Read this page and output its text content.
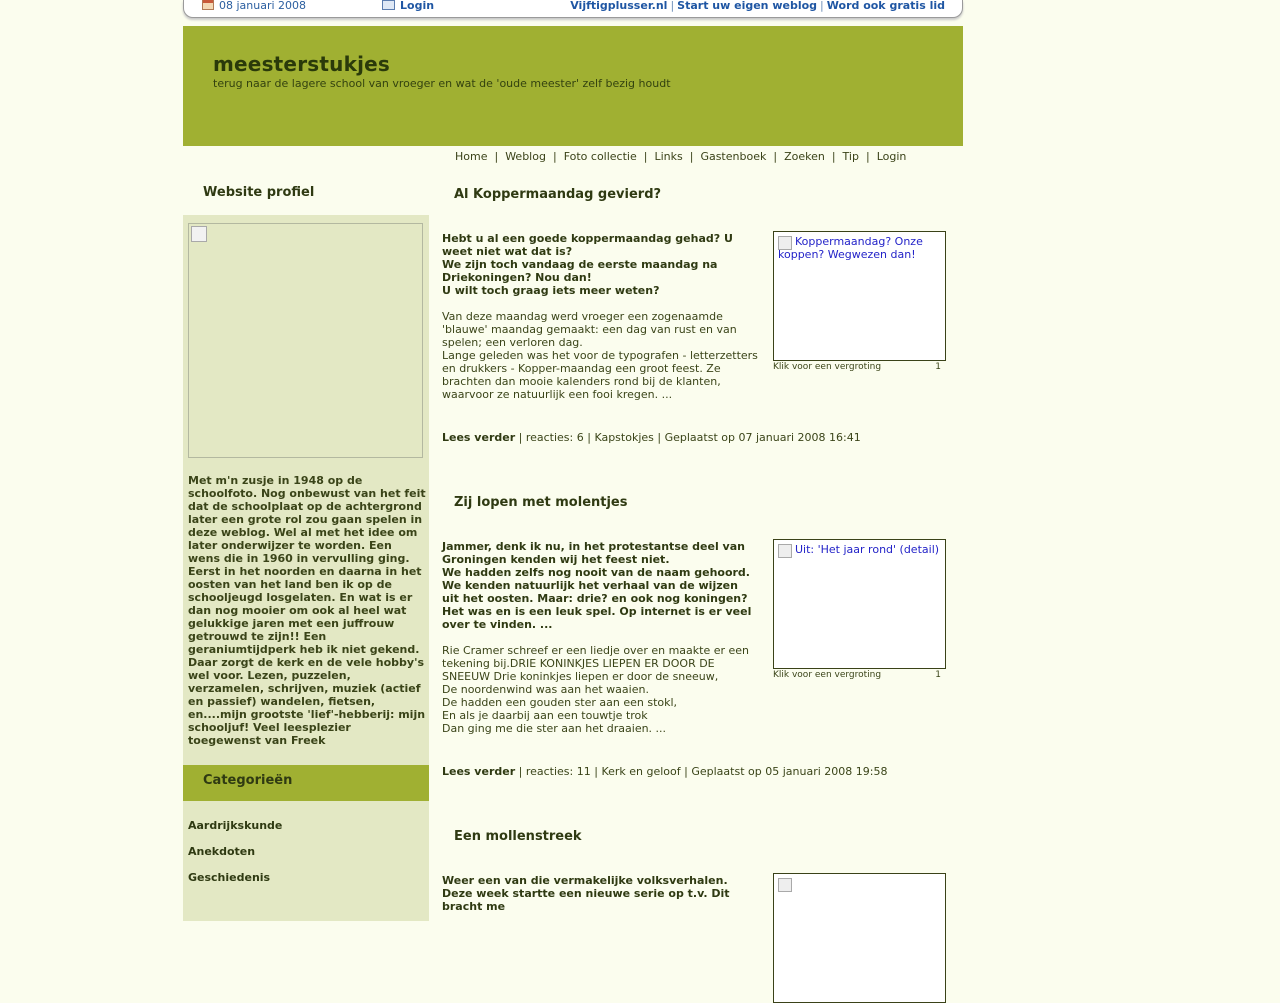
08 januari 2008	Login	Vijftigplusser.nl | Start uw eigen weblog | Word ook gratis lid
meesterstukjes
terug naar de lagere school van vroeger en wat de 'oude meester' zelf bezig houdt
Home | Weblog | Foto collectie | Links | Gastenboek | Zoeken | Tip | Login
Website profiel
Met m'n zusje in 1948 op de schoolfoto. Nog onbewust van het feit dat de schoolplaat op de achtergrond later een grote rol zou gaan spelen in deze weblog. Wel al met het idee om later onderwijzer te worden. Een wens die in 1960 in vervulling ging. Eerst in het noorden en daarna in het oosten van het land ben ik op de schooljeugd losgelaten. En wat is er dan nog mooier om ook al heel wat gelukkige jaren met een juffrouw getrouwd te zijn!! Een geraniumtijdperk heb ik niet gekend. Daar zorgt de kerk en de vele hobby's wel voor. Lezen, puzzelen, verzamelen, schrijven, muziek (actief en passief) wandelen, fietsen, en....mijn grootste 'lief'-hebberij: mijn schooljuf! Veel leesplezier toegewenst van Freek
Categorieën
Aardrijkskunde
Anekdoten
Geschiedenis
Al Koppermaandag gevierd?
Hebt u al een goede koppermaandag gehad? U weet niet wat dat is?
We zijn toch vandaag de eerste maandag na Driekoningen? Nou dan!
U wilt toch graag iets meer weten?
Van deze maandag werd vroeger een zogenaamde 'blauwe' maandag gemaakt: een dag van rust en van spelen; een verloren dag.
Lange geleden was het voor de typografen - letterzetters en drukkers - Kopper-maandag een groot feest. Ze brachten dan mooie kalenders rond bij de klanten, waarvoor ze natuurlijk een fooi kregen. ...
Koppermaandag? Onze koppen? Wegwezen dan!
Klik voor een vergroting	1
Lees verder | reacties: 6 | Kapstokjes | Geplaatst op 07 januari 2008 16:41
Zij lopen met molentjes
Jammer, denk ik nu, in het protestantse deel van Groningen kenden wij het feest niet.
We hadden zelfs nog nooit van de naam gehoord.
We kenden natuurlijk het verhaal van de wijzen uit het oosten. Maar: drie? en ook nog koningen?
Het was en is een leuk spel. Op internet is er veel over te vinden. ...
Rie Cramer schreef er een liedje over en maakte er een tekening bij.DRIE KONINKJES LIEPEN ER DOOR DE SNEEUW Drie koninkjes liepen er door de sneeuw,
De noordenwind was aan het waaien.
De hadden een gouden ster aan een stokl,
En als je daarbij aan een touwtje trok
Dan ging me die ster aan het draaien. ...
Uit: 'Het jaar rond' (detail)
Klik voor een vergroting	1
Lees verder | reacties: 11 | Kerk en geloof | Geplaatst op 05 januari 2008 19:58
Een mollenstreek
Weer een van die vermakelijke volksverhalen. Deze week startte een nieuwe serie op t.v. Dit bracht me
